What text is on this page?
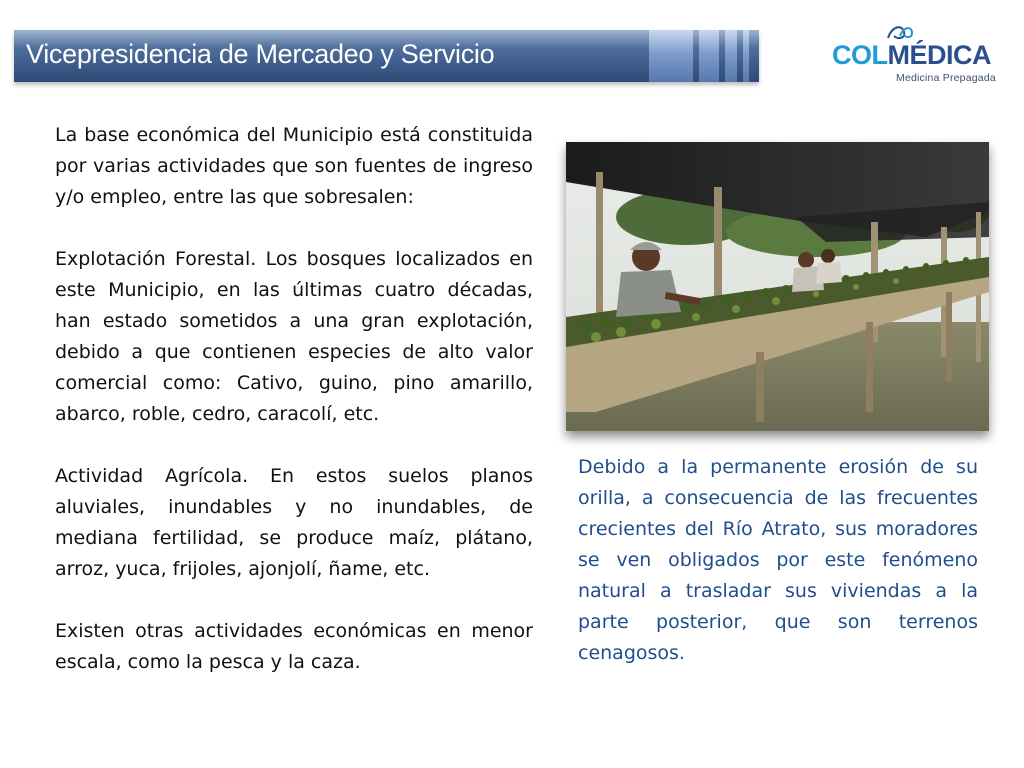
Vicepresidencia de Mercadeo y Servicio	COLMÉDICA
Medicina Prepagada

La base económica del Municipio está constituida por varias actividades que son fuentes de ingreso y/o empleo, entre las que sobresalen:

Explotación Forestal. Los bosques localizados en este Municipio, en las últimas cuatro décadas, han estado sometidos a una gran explotación, debido a que contienen especies de alto valor comercial como: Cativo, guino, pino amarillo, abarco, roble, cedro, caracolí, etc.

Actividad Agrícola. En estos suelos planos aluviales, inundables y no inundables, de mediana fertilidad, se produce maíz, plátano, arroz, yuca, frijoles, ajonjolí, ñame, etc.

Existen otras actividades económicas en menor escala, como la pesca y la caza.

Debido a la permanente erosión de su orilla, a consecuencia de las frecuentes crecientes del Río Atrato, sus moradores se ven obligados por este fenómeno natural a trasladar sus viviendas a la parte posterior, que son terrenos cenagosos.
